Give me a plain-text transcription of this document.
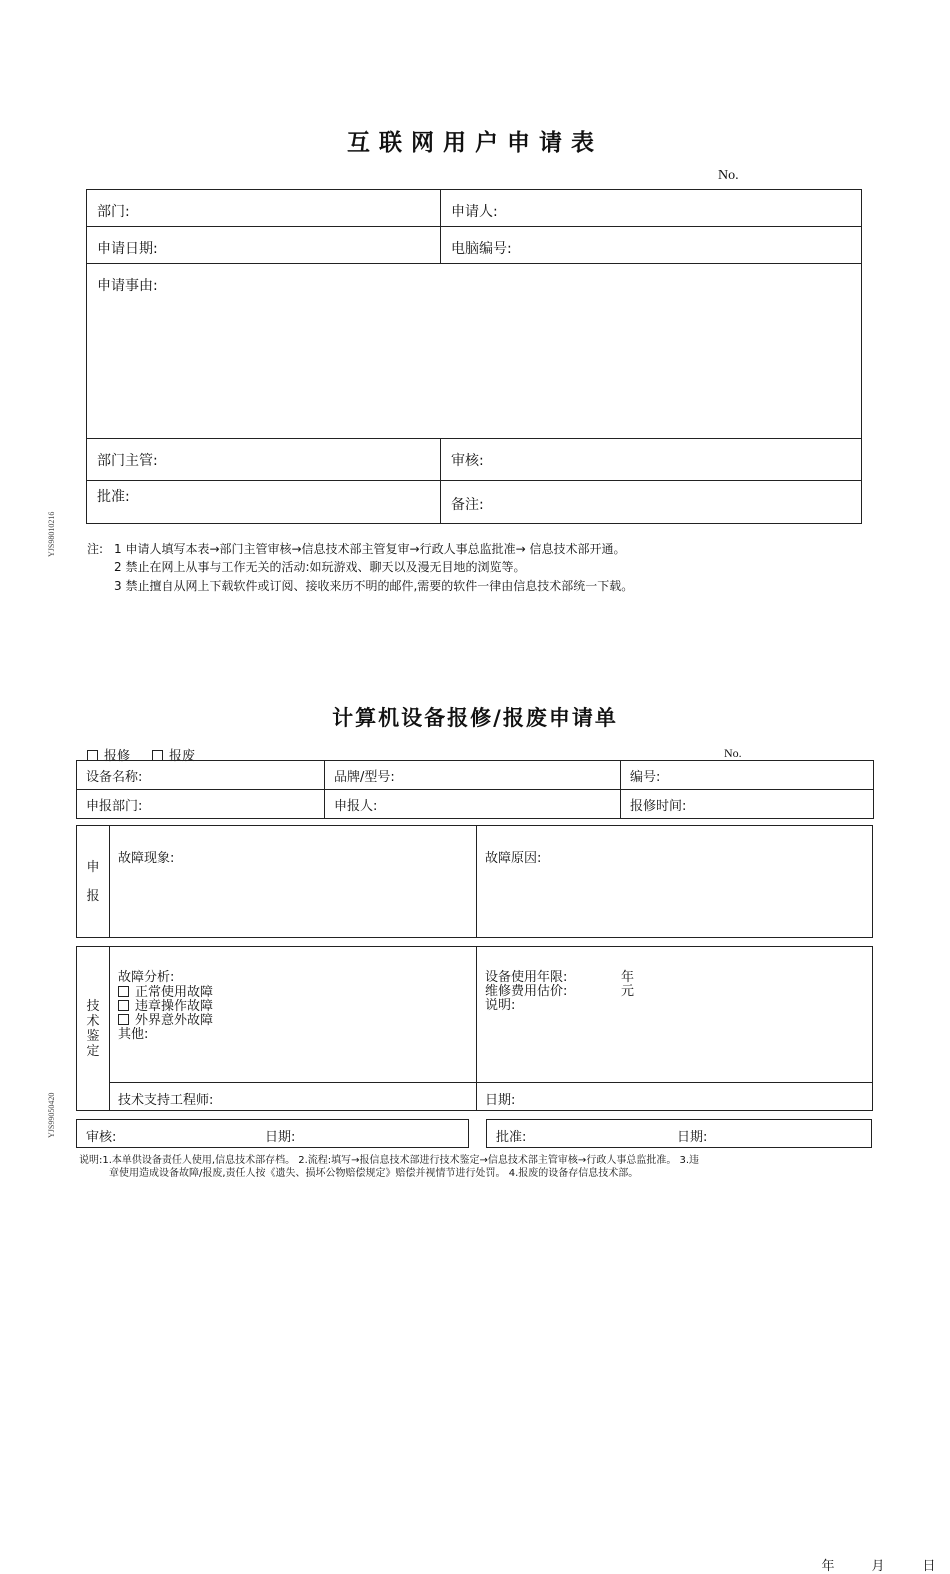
互联网用户申请表
No.
部门:	申请人:
申请日期:	电脑编号:
申请事由:	
部门主管:	审核:
批准:	备注:
YJS98010216	注: 1 申请人填写本表→部门主管审核→信息技术部主管复审→行政人事总监批准→ 信息技术部开通。
2 禁止在网上从事与工作无关的活动:如玩游戏、聊天以及漫无目地的浏览等。
3 禁止擅自从网上下载软件或订阅、接收来历不明的邮件,需要的软件一律由信息技术部统一下载。
计算机设备报修/报废申请单
报修	报废	No.
设备名称:	品牌/型号:	编号:
申报部门:	申报人:	报修时间:
年 月 日
申
报
故障现象:	故障原因:
技
术
鉴
定
故障分析:
正常使用故障
违章操作故障
外界意外故障
其他:
设备使用年限:	年
维修费用估价:	元
说明:
技术支持工程师:	日期:
审核:	日期:	批准:	日期:
YJS99050420
说明:1.本单供设备责任人使用,信息技术部存档。 2.流程:填写→报信息技术部进行技术鉴定→信息技术部主管审核→行政人事总监批准。 3.违
章使用造成设备故障/报废,责任人按《遗失、损坏公物赔偿规定》赔偿并视情节进行处罚。 4.报废的设备存信息技术部。
